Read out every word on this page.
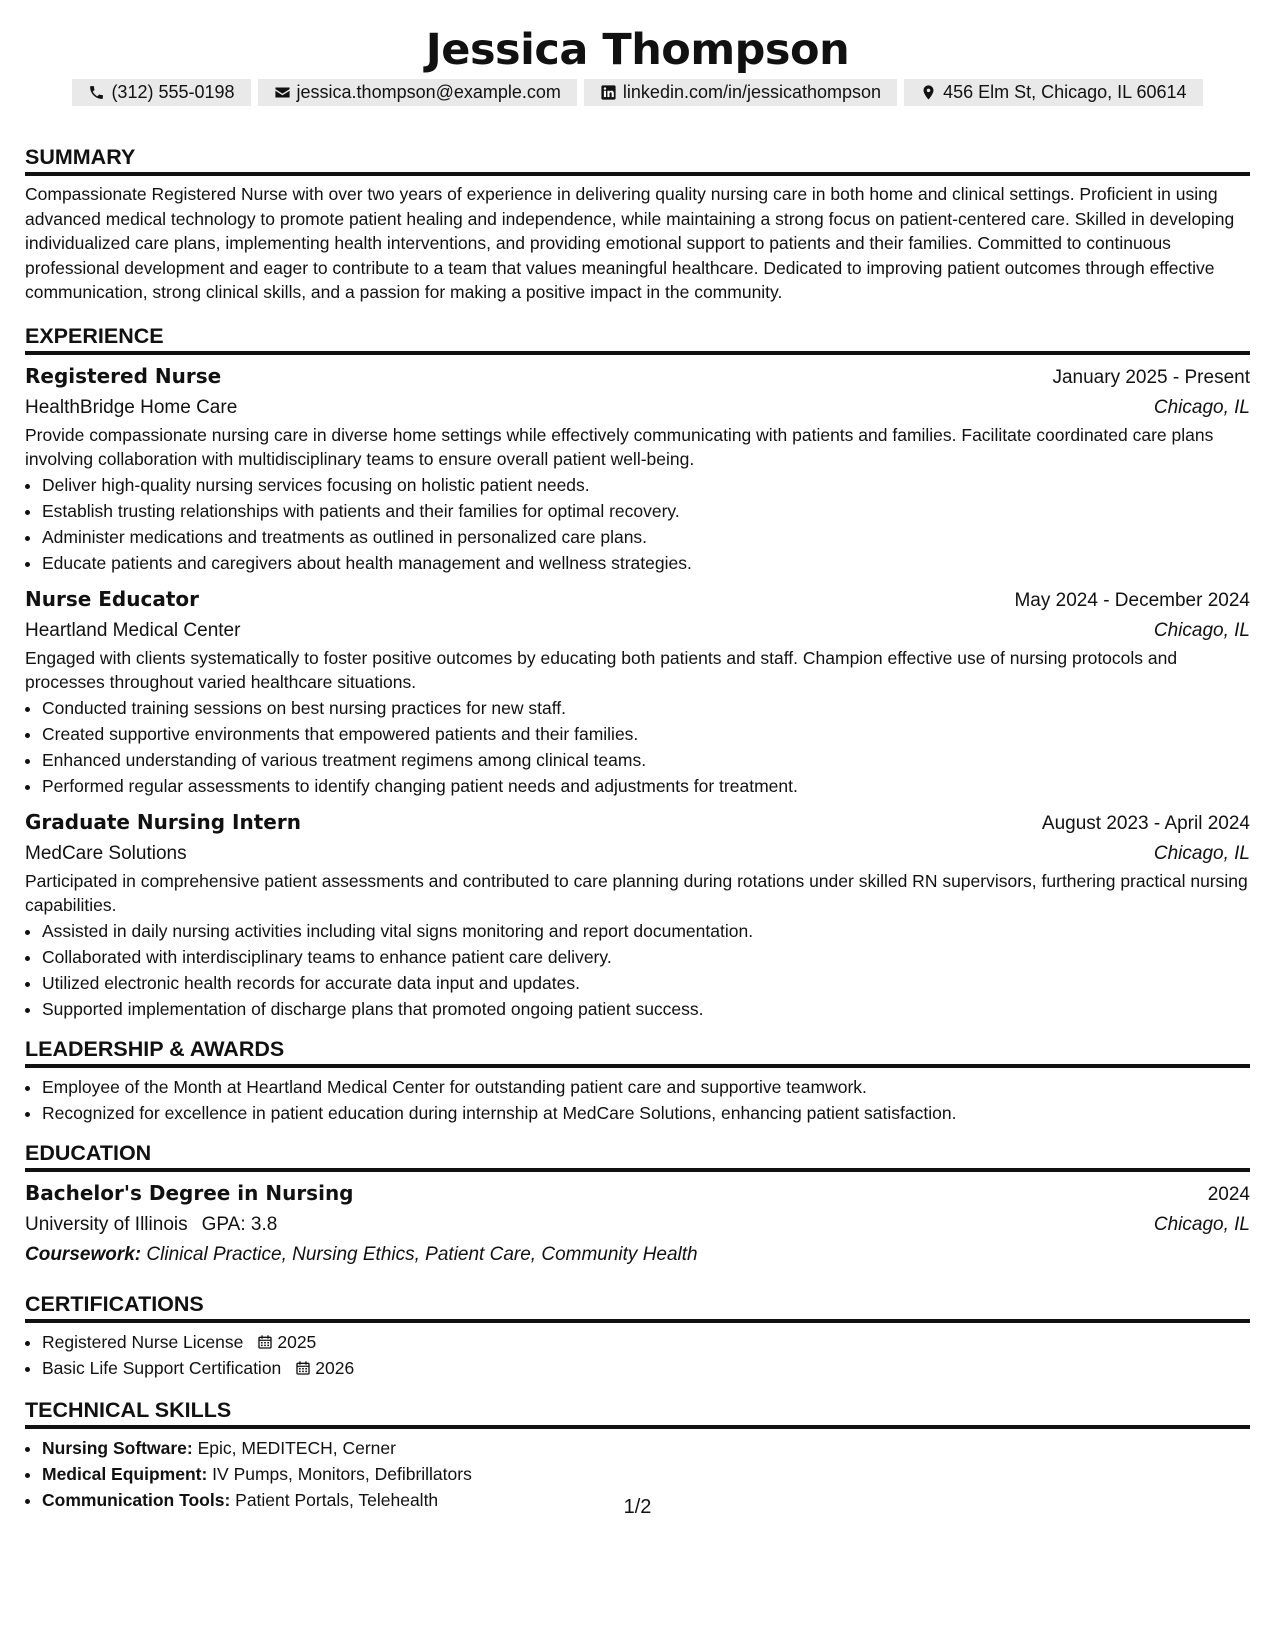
Jessica Thompson
(312) 555-0198	jessica.thompson@example.com	linkedin.com/in/jessicathompson	456 Elm St, Chicago, IL 60614
SUMMARY

Compassionate Registered Nurse with over two years of experience in delivering quality nursing care in both home and clinical settings. Proficient in using advanced medical technology to promote patient healing and independence, while maintaining a strong focus on patient-centered care. Skilled in developing individualized care plans, implementing health interventions, and providing emotional support to patients and their families. Committed to continuous professional development and eager to contribute to a team that values meaningful healthcare. Dedicated to improving patient outcomes through effective communication, strong clinical skills, and a passion for making a positive impact in the community.

EXPERIENCE
Registered Nurse	January 2025 - Present
HealthBridge Home Care	Chicago, IL

Provide compassionate nursing care in diverse home settings while effectively communicating with patients and families. Facilitate coordinated care plans involving collaboration with multidisciplinary teams to ensure overall patient well-being.

• Deliver high-quality nursing services focusing on holistic patient needs.
• Establish trusting relationships with patients and their families for optimal recovery.
• Administer medications and treatments as outlined in personalized care plans.
• Educate patients and caregivers about health management and wellness strategies.
Nurse Educator	May 2024 - December 2024
Heartland Medical Center	Chicago, IL

Engaged with clients systematically to foster positive outcomes by educating both patients and staff. Champion effective use of nursing protocols and processes throughout varied healthcare situations.

• Conducted training sessions on best nursing practices for new staff.
• Created supportive environments that empowered patients and their families.
• Enhanced understanding of various treatment regimens among clinical teams.
• Performed regular assessments to identify changing patient needs and adjustments for treatment.
Graduate Nursing Intern	August 2023 - April 2024
MedCare Solutions	Chicago, IL

Participated in comprehensive patient assessments and contributed to care planning during rotations under skilled RN supervisors, furthering practical nursing capabilities.

• Assisted in daily nursing activities including vital signs monitoring and report documentation.
• Collaborated with interdisciplinary teams to enhance patient care delivery.
• Utilized electronic health records for accurate data input and updates.
• Supported implementation of discharge plans that promoted ongoing patient success.
LEADERSHIP & AWARDS
• Employee of the Month at Heartland Medical Center for outstanding patient care and supportive teamwork.
• Recognized for excellence in patient education during internship at MedCare Solutions, enhancing patient satisfaction.
EDUCATION
Bachelor's Degree in Nursing	2024
University of Illinois GPA: 3.8	Chicago, IL
Coursework: Clinical Practice, Nursing Ethics, Patient Care, Community Health
CERTIFICATIONS
• Registered Nurse License 2025
• Basic Life Support Certification 2026
TECHNICAL SKILLS
• Nursing Software: Epic, MEDITECH, Cerner
• Medical Equipment: IV Pumps, Monitors, Defibrillators
• Communication Tools: Patient Portals, Telehealth	1/2
